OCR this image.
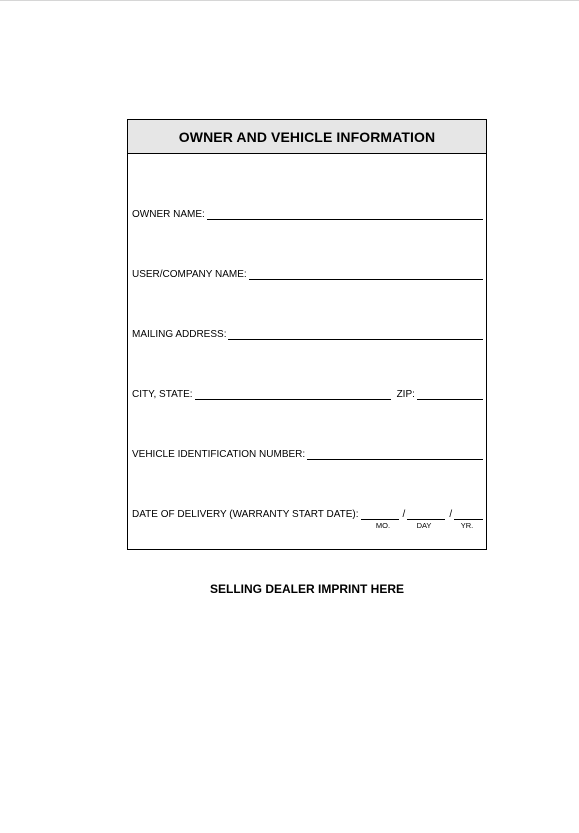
OWNER AND VEHICLE INFORMATION
OWNER NAME:
USER/COMPANY NAME:
MAILING ADDRESS:
CITY, STATE:	ZIP:
VEHICLE IDENTIFICATION NUMBER:
DATE OF DELIVERY (WARRANTY START DATE):	/	/
MO.	DAY	YR.
SELLING DEALER IMPRINT HERE
